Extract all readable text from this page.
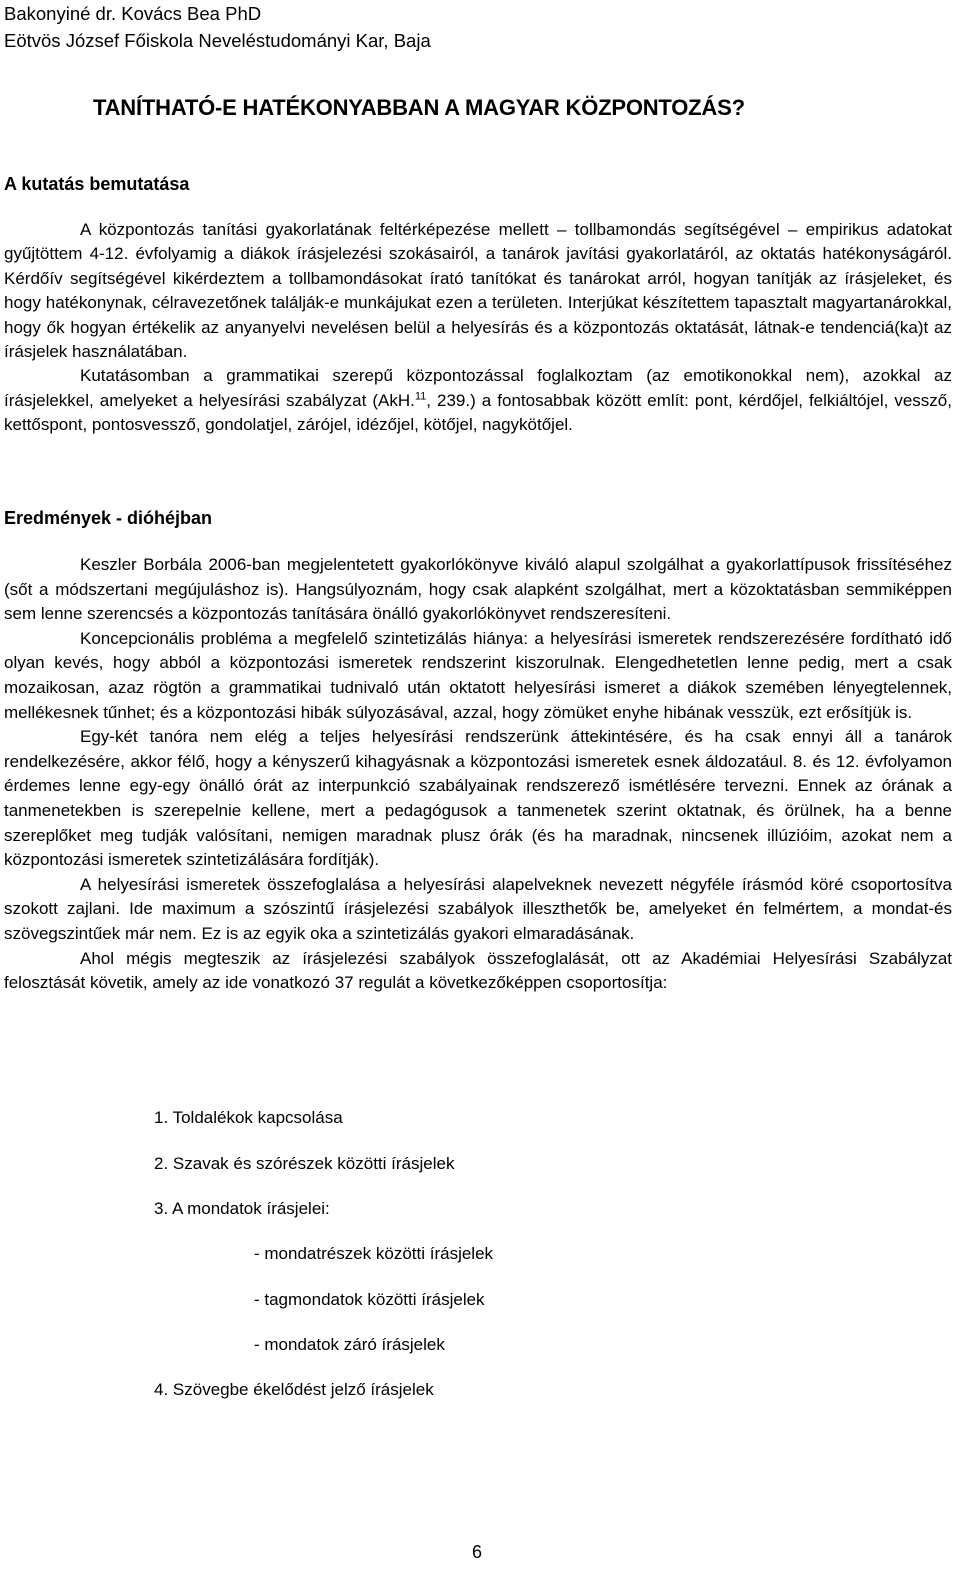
Bakonyiné dr. Kovács Bea PhD
Eötvös József Főiskola Neveléstudományi Kar, Baja
TANÍTHATÓ-E HATÉKONYABBAN A MAGYAR KÖZPONTOZÁS?
A kutatás bemutatása

A központozás tanítási gyakorlatának feltérképezése mellett – tollbamondás segítségével – empirikus adatokat gyűjtöttem 4-12. évfolyamig a diákok írásjelezési szokásairól, a tanárok javítási gyakorlatáról, az oktatás hatékonyságáról. Kérdőív segítségével kikérdeztem a tollbamondásokat írató tanítókat és tanárokat arról, hogyan tanítják az írásjeleket, és hogy hatékonynak, célravezetőnek találják-e munkájukat ezen a területen. Interjúkat készítettem tapasztalt magyartanárokkal, hogy ők hogyan értékelik az anyanyelvi nevelésen belül a helyesírás és a központozás oktatását, látnak-e tendenciá(ka)t az írásjelek használatában.

Kutatásomban a grammatikai szerepű központozással foglalkoztam (az emotikonokkal nem), azokkal az írásjelekkel, amelyeket a helyesírási szabályzat (AkH.$^{11}$, 239.) a fontosabbak között említ: pont, kérdőjel, felkiáltójel, vessző, kettőspont, pontosvessző, gondolatjel, zárójel, idézőjel, kötőjel, nagykötőjel.

Eredmények - dióhéjban

Keszler Borbála 2006-ban megjelentetett gyakorlókönyve kiváló alapul szolgálhat a gyakorlattípusok frissítéséhez (sőt a módszertani megújuláshoz is). Hangsúlyoznám, hogy csak alapként szolgálhat, mert a közoktatásban semmiképpen sem lenne szerencsés a központozás tanítására önálló gyakorlókönyvet rendszeresíteni.

Koncepcionális probléma a megfelelő szintetizálás hiánya: a helyesírási ismeretek rendszerezésére fordítható idő olyan kevés, hogy abból a központozási ismeretek rendszerint kiszorulnak. Elengedhetetlen lenne pedig, mert a csak mozaikosan, azaz rögtön a grammatikai tudnivaló után oktatott helyesírási ismeret a diákok szemében lényegtelennek, mellékesnek tűnhet; és a központozási hibák súlyozásával, azzal, hogy zömüket enyhe hibának vesszük, ezt erősítjük is.

Egy-két tanóra nem elég a teljes helyesírási rendszerünk áttekintésére, és ha csak ennyi áll a tanárok rendelkezésére, akkor félő, hogy a kényszerű kihagyásnak a központozási ismeretek esnek áldozatául. 8. és 12. évfolyamon érdemes lenne egy-egy önálló órát az interpunkció szabályainak rendszerező ismétlésére tervezni. Ennek az órának a tanmenetekben is szerepelnie kellene, mert a pedagógusok a tanmenetek szerint oktatnak, és örülnek, ha a benne szereplőket meg tudják valósítani, nemigen maradnak plusz órák (és ha maradnak, nincsenek illúzióim, azokat nem a központozási ismeretek szintetizálására fordítják).

A helyesírási ismeretek összefoglalása a helyesírási alapelveknek nevezett négyféle írásmód köré csoportosítva szokott zajlani. Ide maximum a szószintű írásjelezési szabályok illeszthetők be, amelyeket én felmértem, a mondat-és szövegszintűek már nem. Ez is az egyik oka a szintetizálás gyakori elmaradásának.

Ahol mégis megteszik az írásjelezési szabályok összefoglalását, ott az Akadémiai Helyesírási Szabályzat felosztását követik, amely az ide vonatkozó 37 regulát a következőképpen csoportosítja:

1. Toldalékok kapcsolása
2. Szavak és szórészek közötti írásjelek
3. A mondatok írásjelei:
- mondatrészek közötti írásjelek
- tagmondatok közötti írásjelek
- mondatok záró írásjelek
4. Szövegbe ékelődést jelző írásjelek
6
